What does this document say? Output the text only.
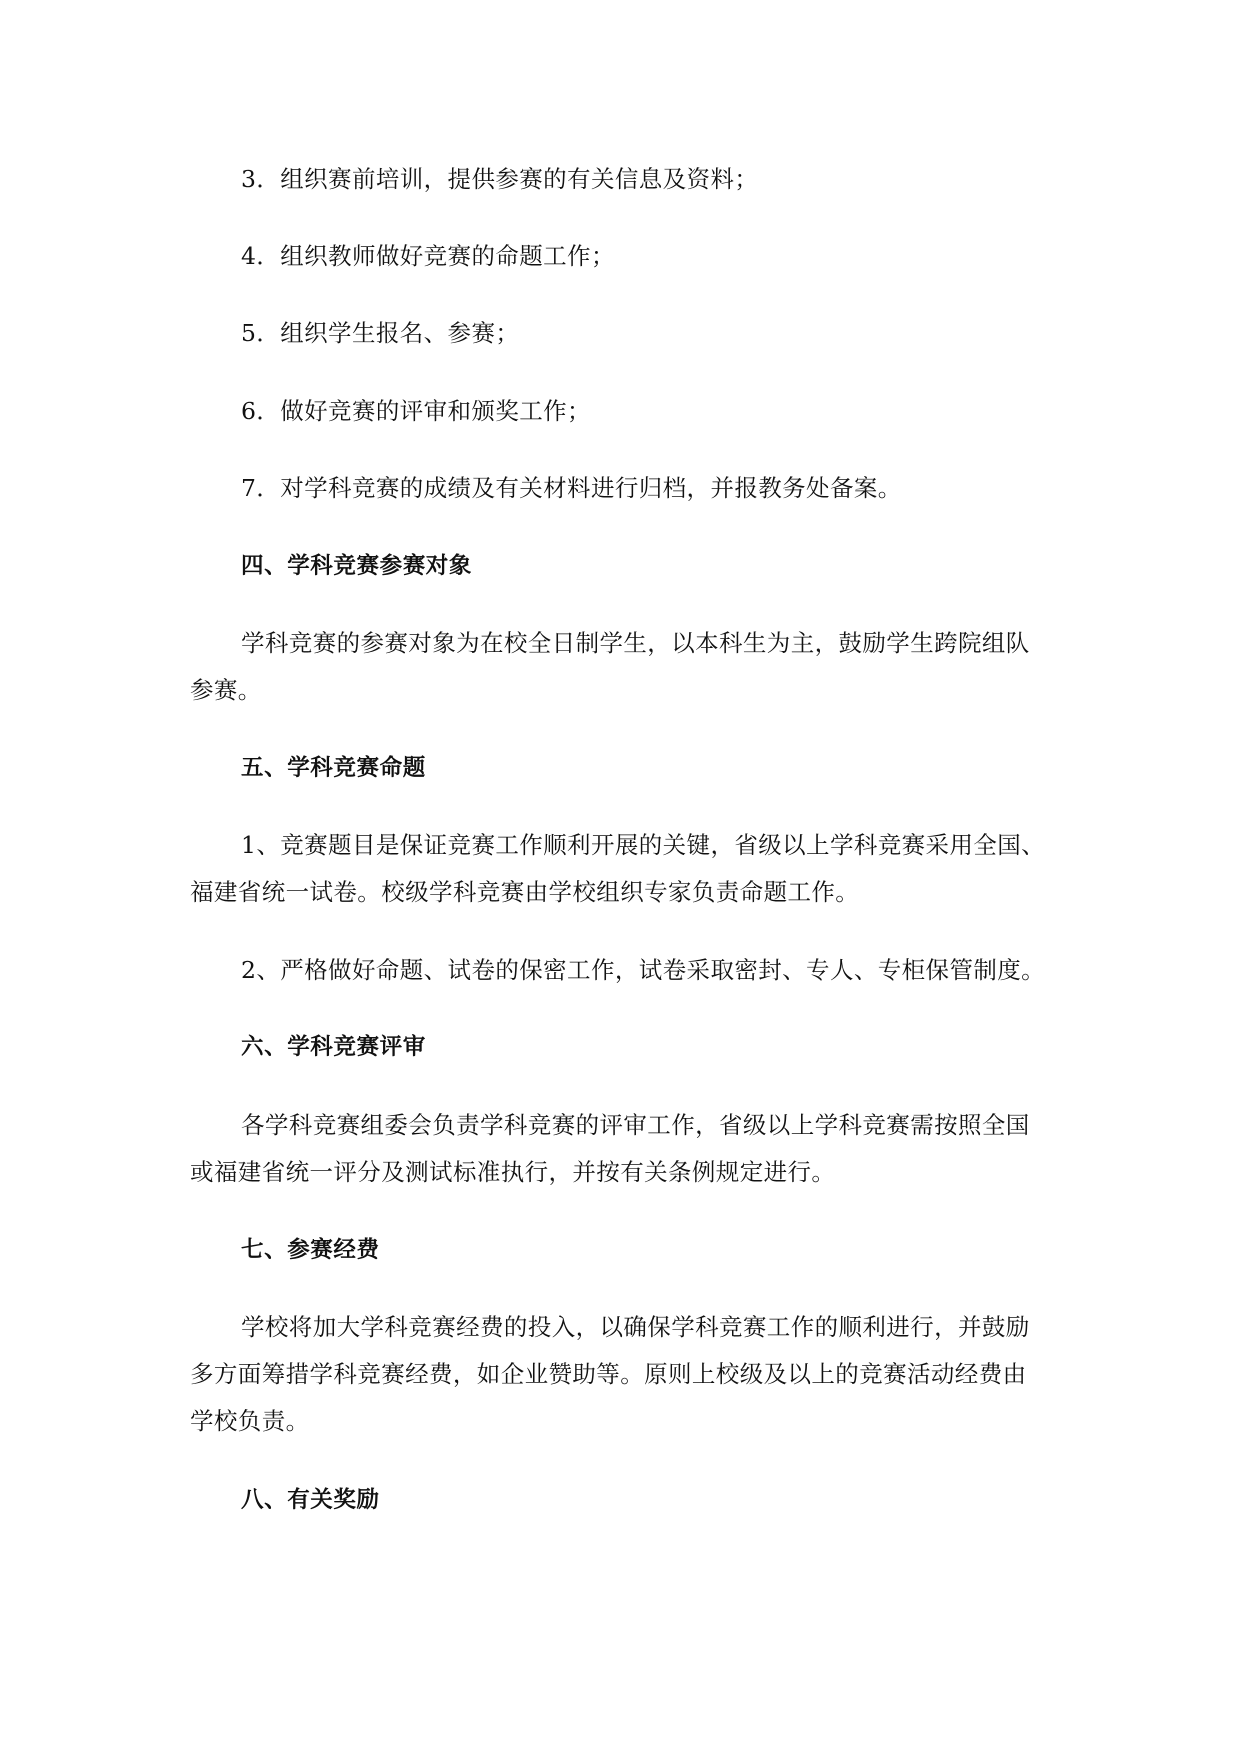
3．组织赛前培训，提供参赛的有关信息及资料；
4．组织教师做好竞赛的命题工作；
5．组织学生报名、参赛；
6．做好竞赛的评审和颁奖工作；
7．对学科竞赛的成绩及有关材料进行归档，并报教务处备案。
四、学科竞赛参赛对象
学科竞赛的参赛对象为在校全日制学生，以本科生为主，鼓励学生跨院组队
参赛。
五、学科竞赛命题
1、竞赛题目是保证竞赛工作顺利开展的关键，省级以上学科竞赛采用全国、
福建省统一试卷。校级学科竞赛由学校组织专家负责命题工作。
2、严格做好命题、试卷的保密工作，试卷采取密封、专人、专柜保管制度。
六、学科竞赛评审
各学科竞赛组委会负责学科竞赛的评审工作，省级以上学科竞赛需按照全国
或福建省统一评分及测试标准执行，并按有关条例规定进行。
七、参赛经费
学校将加大学科竞赛经费的投入，以确保学科竞赛工作的顺利进行，并鼓励
多方面筹措学科竞赛经费，如企业赞助等。原则上校级及以上的竞赛活动经费由
学校负责。
八、有关奖励
